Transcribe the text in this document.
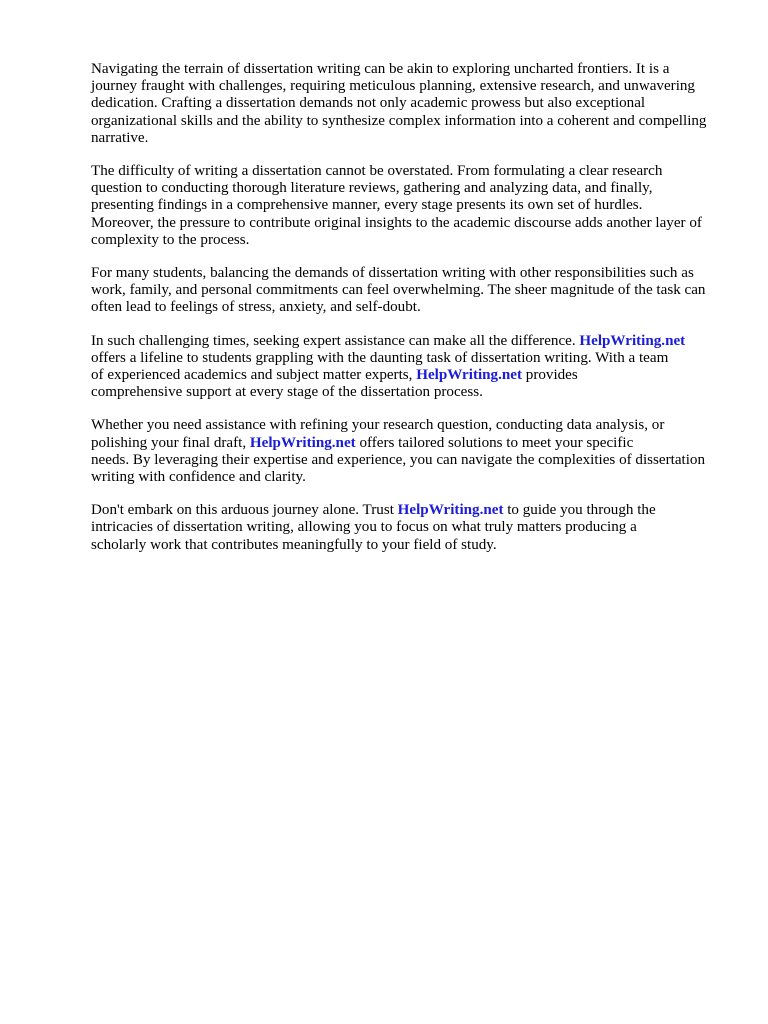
Navigating the terrain of dissertation writing can be akin to exploring uncharted frontiers. It is a
journey fraught with challenges, requiring meticulous planning, extensive research, and unwavering
dedication. Crafting a dissertation demands not only academic prowess but also exceptional
organizational skills and the ability to synthesize complex information into a coherent and compelling
narrative.

The difficulty of writing a dissertation cannot be overstated. From formulating a clear research
question to conducting thorough literature reviews, gathering and analyzing data, and finally,
presenting findings in a comprehensive manner, every stage presents its own set of hurdles.
Moreover, the pressure to contribute original insights to the academic discourse adds another layer of
complexity to the process.

For many students, balancing the demands of dissertation writing with other responsibilities such as
work, family, and personal commitments can feel overwhelming. The sheer magnitude of the task can
often lead to feelings of stress, anxiety, and self-doubt.

In such challenging times, seeking expert assistance can make all the difference. HelpWriting.net
offers a lifeline to students grappling with the daunting task of dissertation writing. With a team
of experienced academics and subject matter experts, HelpWriting.net provides
comprehensive support at every stage of the dissertation process.

Whether you need assistance with refining your research question, conducting data analysis, or
polishing your final draft, HelpWriting.net offers tailored solutions to meet your specific
needs. By leveraging their expertise and experience, you can navigate the complexities of dissertation
writing with confidence and clarity.

Don't embark on this arduous journey alone. Trust HelpWriting.net to guide you through the
intricacies of dissertation writing, allowing you to focus on what truly matters producing a
scholarly work that contributes meaningfully to your field of study.
